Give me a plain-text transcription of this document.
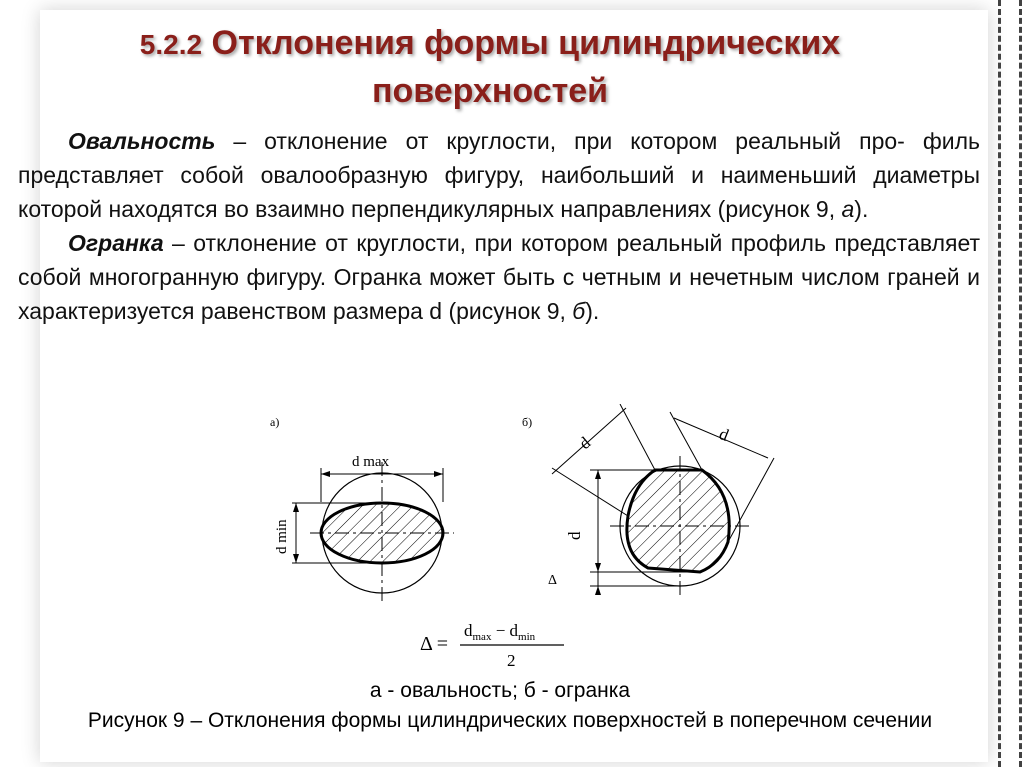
5.2.2 Отклонения формы цилиндрических поверхностей

Овальность – отклонение от круглости, при котором реальный про- филь представляет собой овалообразную фигуру, наибольший и наименьший диаметры которой находятся во взаимно перпендикулярных направлениях (рисунок 9, а).

Огранка – отклонение от круглости, при котором реальный профиль представляет собой многогранную фигуру. Огранка может быть с четным и нечетным числом граней и характеризуется равенством размера d (рисунок 9, б).

а)
d max
d min
б)
d
Δ
d	d
Δ =
$d_{max} - d_{min}$
2
а - овальность; б - огранка
Рисунок 9 – Отклонения формы цилиндрических поверхностей в поперечном сечении
